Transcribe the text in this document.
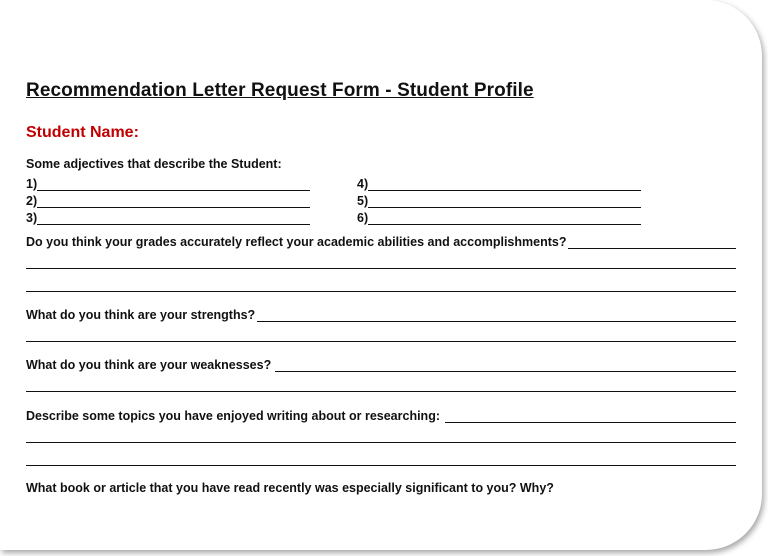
Recommendation Letter Request Form - Student Profile
Student Name:
Some adjectives that describe the Student:
1)
2)
3)
4)
5)
6)
Do you think your grades accurately reflect your academic abilities and accomplishments?
What do you think are your strengths?
What do you think are your weaknesses?
Describe some topics you have enjoyed writing about or researching:
What book or article that you have read recently was especially significant to you? Why?
